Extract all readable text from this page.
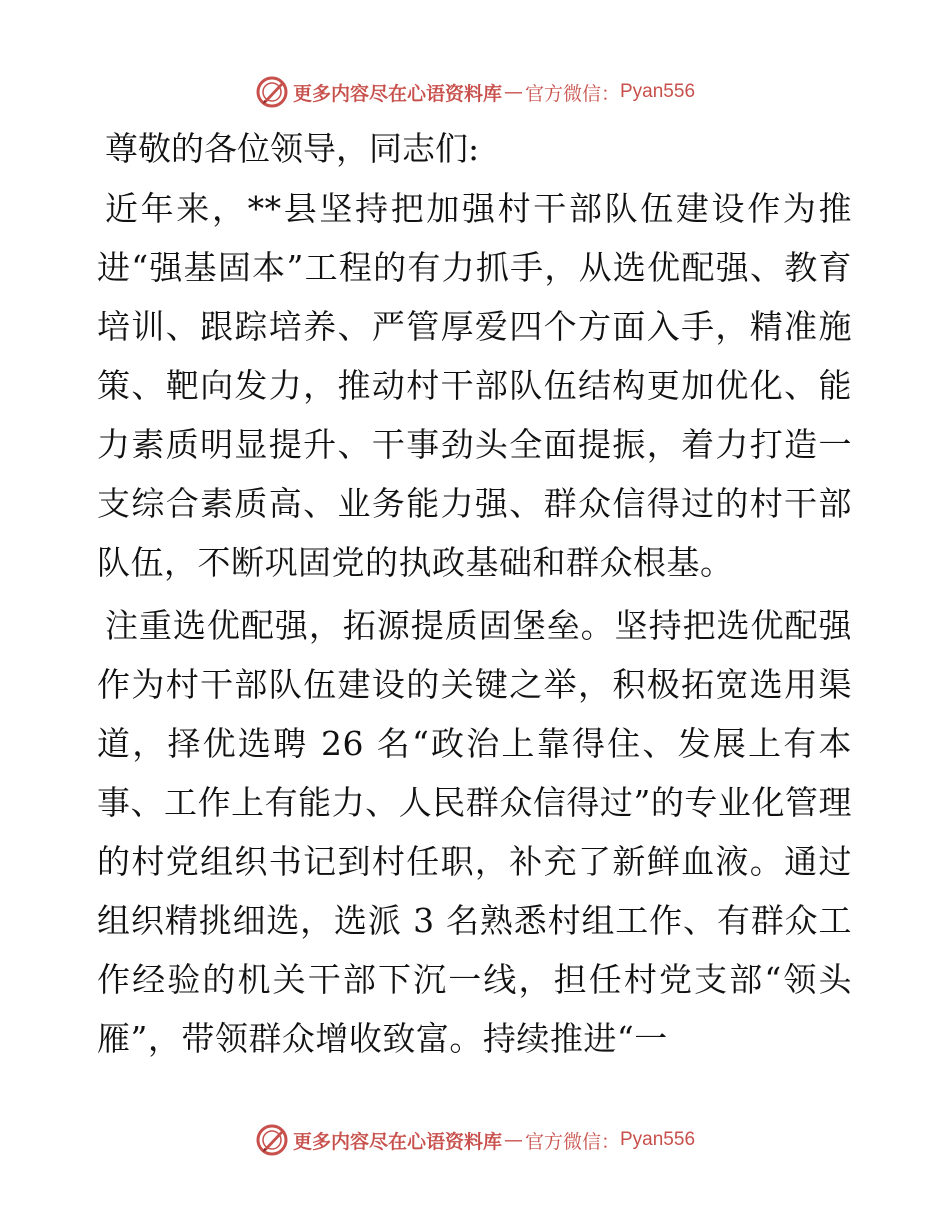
更多内容尽在心语资料库 — 官方微信： Pyan556
尊敬的各位领导，同志们:

近年来，**县坚持把加强村干部队伍建设作为推进“强基固本”工程的有力抓手，从选优配强、教育培训、跟踪培养、严管厚爱四个方面入手，精准施策、靶向发力，推动村干部队伍结构更加优化、能力素质明显提升、干事劲头全面提振，着力打造一支综合素质高、业务能力强、群众信得过的村干部队伍，不断巩固党的执政基础和群众根基。

注重选优配强，拓源提质固堡垒。坚持把选优配强作为村干部队伍建设的关键之举，积极拓宽选用渠道，择优选聘 26 名“政治上靠得住、发展上有本事、工作上有能力、人民群众信得过”的专业化管理的村党组织书记到村任职，补充了新鲜血液。通过组织精挑细选，选派 3 名熟悉村组工作、有群众工作经验的机关干部下沉一线，担任村党支部“领头雁”，带领群众增收致富。持续推进“一

更多内容尽在心语资料库 — 官方微信： Pyan556
